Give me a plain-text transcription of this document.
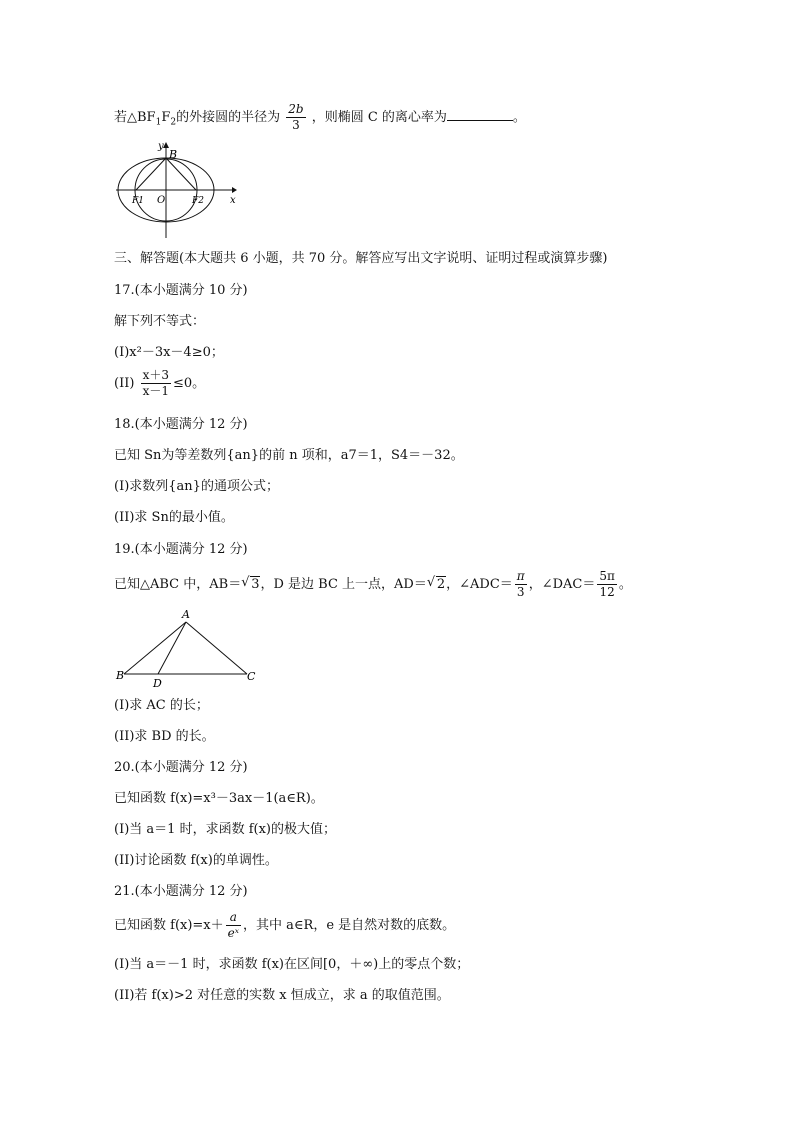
若$\triangle BF_1F_2$的外接圆的半径为 $\frac{2b}{3}$ ，则椭圆 C 的离心率为	。
y
B
x
O
F1	F2
三、解答题(本大题共 6 小题，共 70 分。解答应写出文字说明、证明过程或演算步骤)
17.(本小题满分 10 分)
解下列不等式：
(I)x²－3x－4≥0；
$(II) \frac{x+3}{x-1} \le 0$。
18.(本小题满分 12 分)
已知 Sn为等差数列{an}的前 n 项和，a7＝1，S4＝－32。
(I)求数列{an}的通项公式；
(II)求 Sn的最小值。
19.(本小题满分 12 分)
已知△ABC 中，AB＝ √ 3，D 是边 BC 上一点，AD＝ √ 2，∠ADC＝ $\frac{\pi}{3}$ ，∠DAC＝ $\frac{5\pi}{12}$ 。
A
B	C
D
(I)求 AC 的长；
(II)求 BD 的长。
20.(本小题满分 12 分)
已知函数 f(x)=x³－3ax－1(a∈R)。
(I)当 a＝1 时，求函数 f(x)的极大值；
(II)讨论函数 f(x)的单调性。
21.(本小题满分 12 分)
已知函数 $f(x)=x+ \frac{a}{\text{eˣ}}$ ，其中 a∈R，e 是自然对数的底数。
(I)当 a＝－1 时，求函数 f(x)在区间[0，＋∞)上的零点个数；
(II)若 f(x)>2 对任意的实数 x 恒成立，求 a 的取值范围。
